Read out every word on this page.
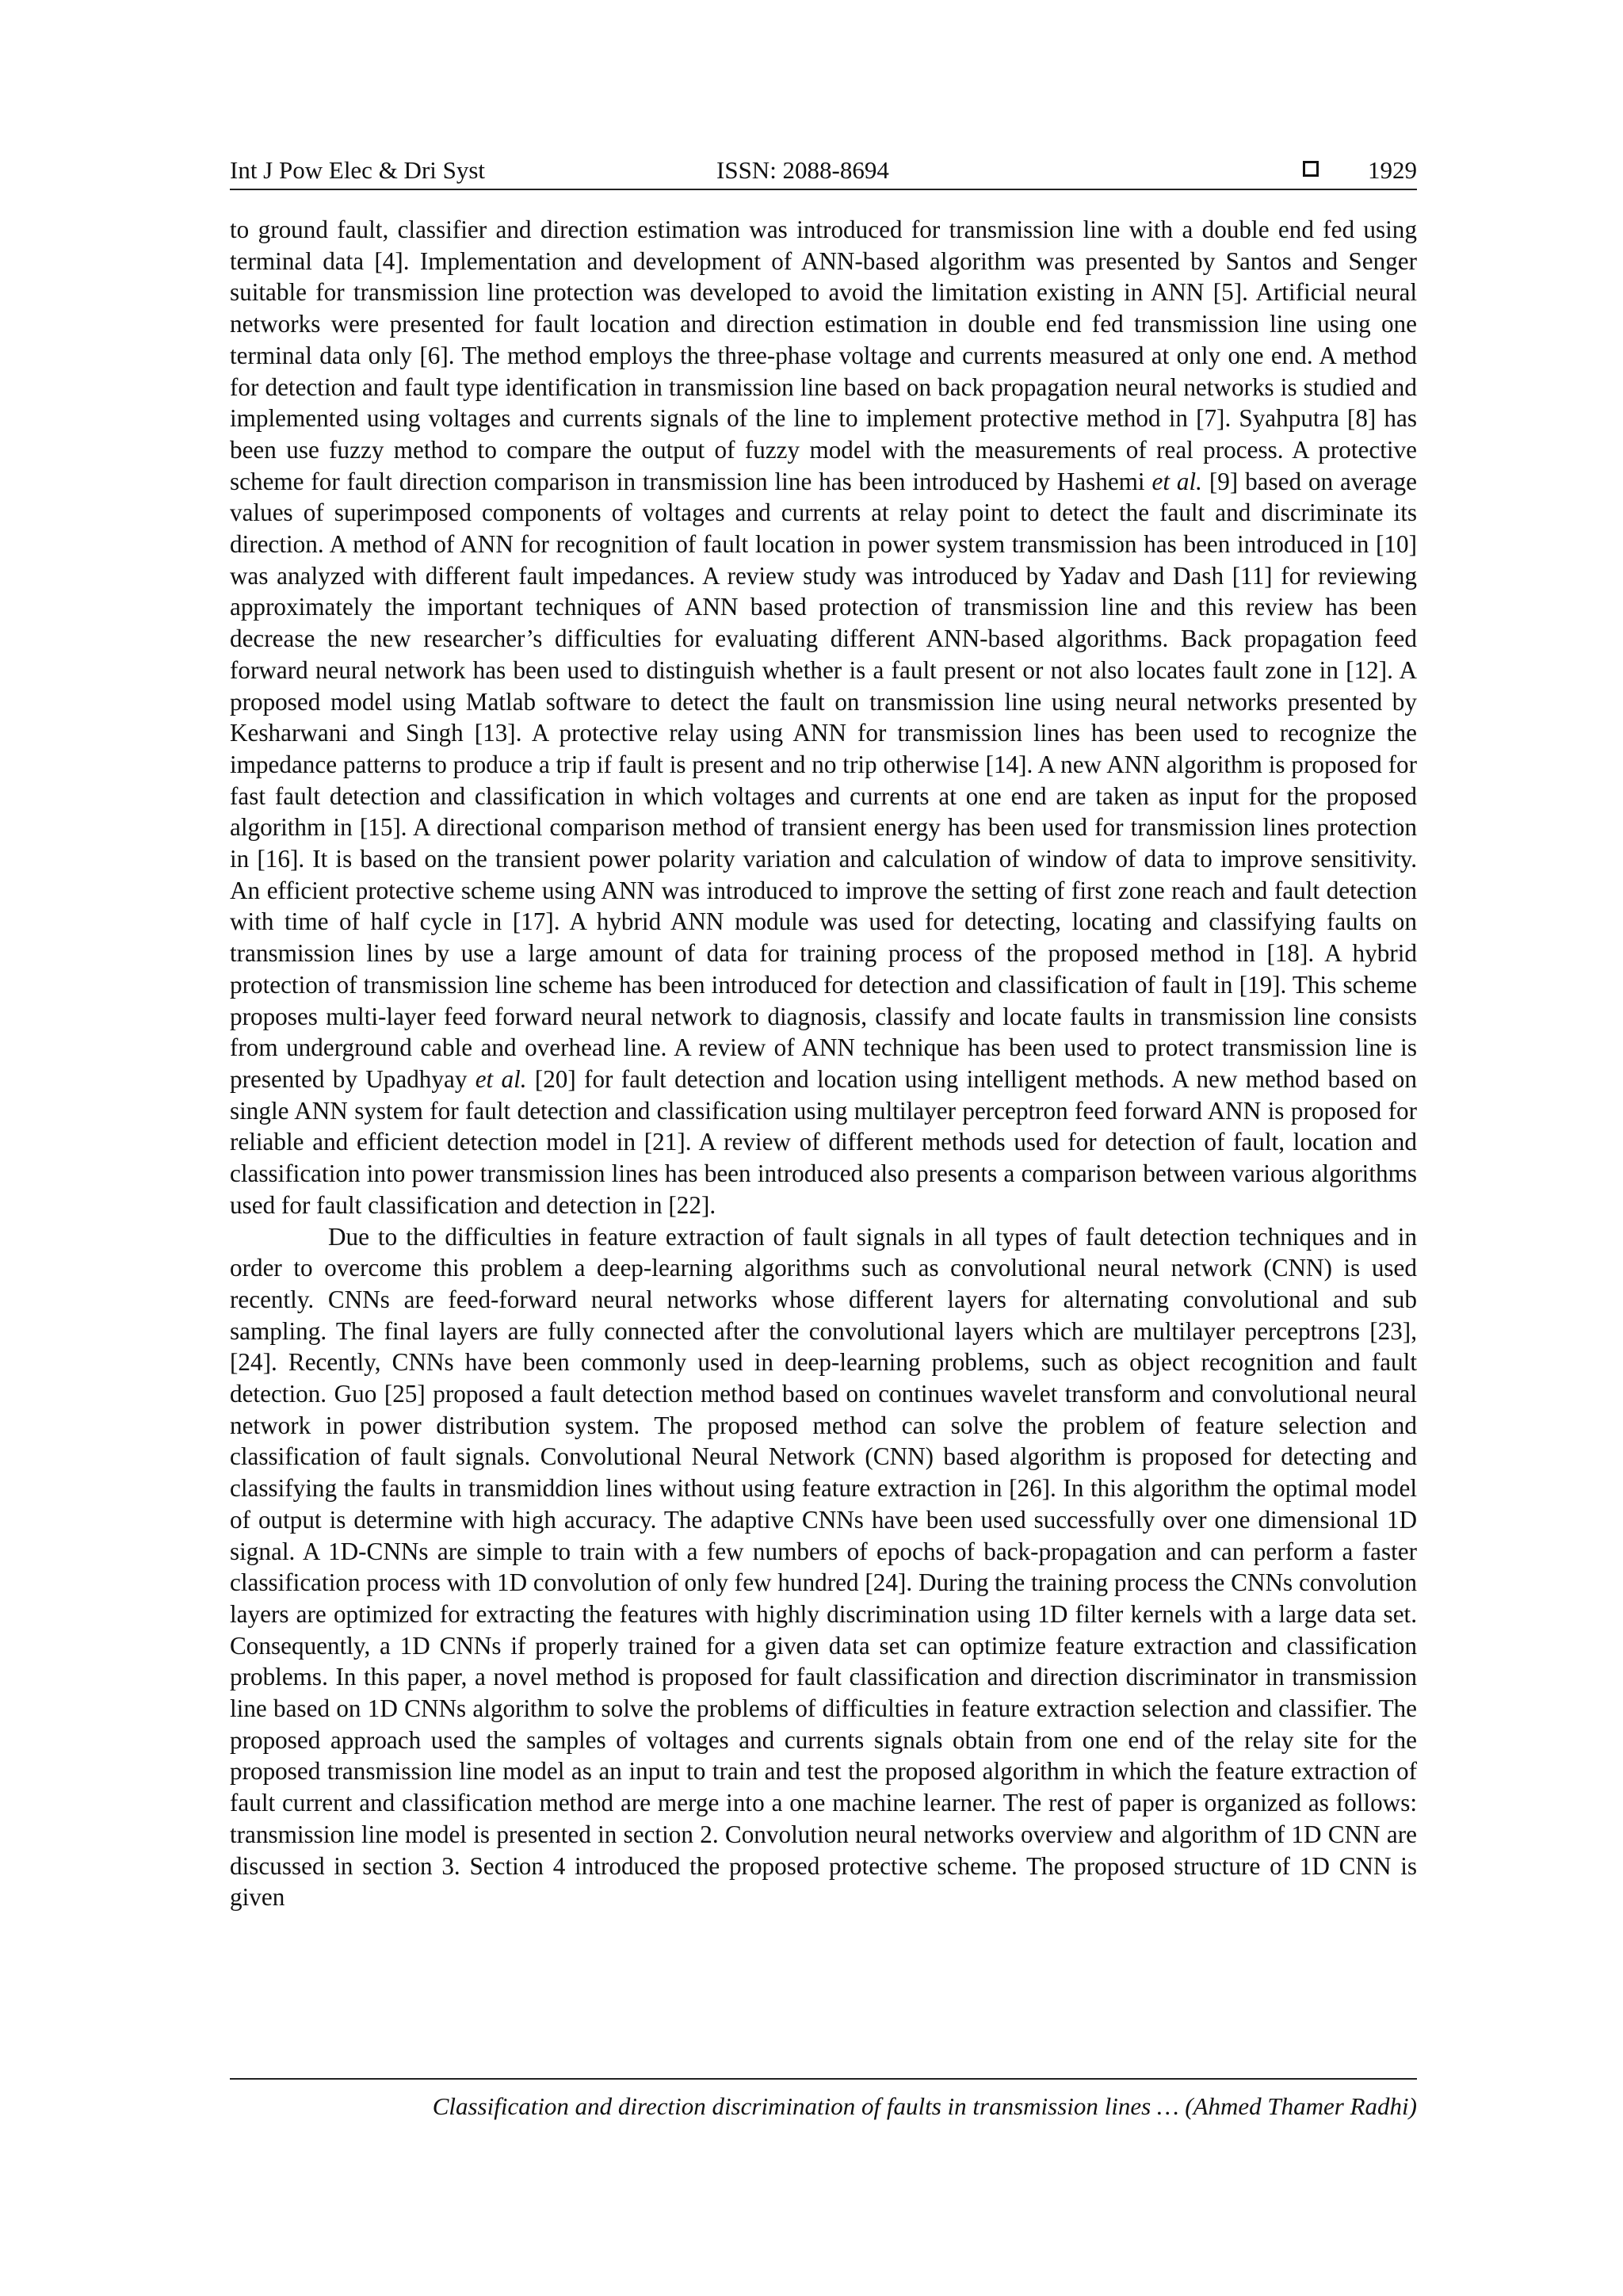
Int J Pow Elec & Dri Syst	ISSN: 2088-8694	1929

to ground fault, classifier and direction estimation was introduced for transmission line with a double end fed using terminal data [4]. Implementation and development of ANN-based algorithm was presented by Santos and Senger suitable for transmission line protection was developed to avoid the limitation existing in ANN [5]. Artificial neural networks were presented for fault location and direction estimation in double end fed transmission line using one terminal data only [6]. The method employs the three-phase voltage and currents measured at only one end. A method for detection and fault type identification in transmission line based on back propagation neural networks is studied and implemented using voltages and currents signals of the line to implement protective method in [7]. Syahputra [8] has been use fuzzy method to compare the output of fuzzy model with the measurements of real process. A protective scheme for fault direction comparison in transmission line has been introduced by Hashemi et al. [9] based on average values of superimposed components of voltages and currents at relay point to detect the fault and discriminate its direction. A method of ANN for recognition of fault location in power system transmission has been introduced in [10] was analyzed with different fault impedances. A review study was introduced by Yadav and Dash [11] for reviewing approximately the important techniques of ANN based protection of transmission line and this review has been decrease the new researcher’s difficulties for evaluating different ANN-based algorithms. Back propagation feed forward neural network has been used to distinguish whether is a fault present or not also locates fault zone in [12]. A proposed model using Matlab software to detect the fault on transmission line using neural networks presented by Kesharwani and Singh [13]. A protective relay using ANN for transmission lines has been used to recognize the impedance patterns to produce a trip if fault is present and no trip otherwise [14]. A new ANN algorithm is proposed for fast fault detection and classification in which voltages and currents at one end are taken as input for the proposed algorithm in [15]. A directional comparison method of transient energy has been used for transmission lines protection in [16]. It is based on the transient power polarity variation and calculation of window of data to improve sensitivity. An efficient protective scheme using ANN was introduced to improve the setting of first zone reach and fault detection with time of half cycle in [17]. A hybrid ANN module was used for detecting, locating and classifying faults on transmission lines by use a large amount of data for training process of the proposed method in [18]. A hybrid protection of transmission line scheme has been introduced for detection and classification of fault in [19]. This scheme proposes multi-layer feed forward neural network to diagnosis, classify and locate faults in transmission line consists from underground cable and overhead line. A review of ANN technique has been used to protect transmission line is presented by Upadhyay et al. [20] for fault detection and location using intelligent methods. A new method based on single ANN system for fault detection and classification using multilayer perceptron feed forward ANN is proposed for reliable and efficient detection model in [21]. A review of different methods used for detection of fault, location and classification into power transmission lines has been introduced also presents a comparison between various algorithms used for fault classification and detection in [22].

Due to the difficulties in feature extraction of fault signals in all types of fault detection techniques and in order to overcome this problem a deep-learning algorithms such as convolutional neural network (CNN) is used recently. CNNs are feed-forward neural networks whose different layers for alternating convolutional and sub sampling. The final layers are fully connected after the convolutional layers which are multilayer perceptrons [23], [24]. Recently, CNNs have been commonly used in deep-learning problems, such as object recognition and fault detection. Guo [25] proposed a fault detection method based on continues wavelet transform and convolutional neural network in power distribution system. The proposed method can solve the problem of feature selection and classification of fault signals. Convolutional Neural Network (CNN) based algorithm is proposed for detecting and classifying the faults in transmiddion lines without using feature extraction in [26]. In this algorithm the optimal model of output is determine with high accuracy. The adaptive CNNs have been used successfully over one dimensional 1D signal. A 1D-CNNs are simple to train with a few numbers of epochs of back-propagation and can perform a faster classification process with 1D convolution of only few hundred [24]. During the training process the CNNs convolution layers are optimized for extracting the features with highly discrimination using 1D filter kernels with a large data set. Consequently, a 1D CNNs if properly trained for a given data set can optimize feature extraction and classification problems. In this paper, a novel method is proposed for fault classification and direction discriminator in transmission line based on 1D CNNs algorithm to solve the problems of difficulties in feature extraction selection and classifier. The proposed approach used the samples of voltages and currents signals obtain from one end of the relay site for the proposed transmission line model as an input to train and test the proposed algorithm in which the feature extraction of fault current and classification method are merge into a one machine learner. The rest of paper is organized as follows: transmission line model is presented in section 2. Convolution neural networks overview and algorithm of 1D CNN are discussed in section 3. Section 4 introduced the proposed protective scheme. The proposed structure of 1D CNN is given

Classification and direction discrimination of faults in transmission lines … (Ahmed Thamer Radhi)
